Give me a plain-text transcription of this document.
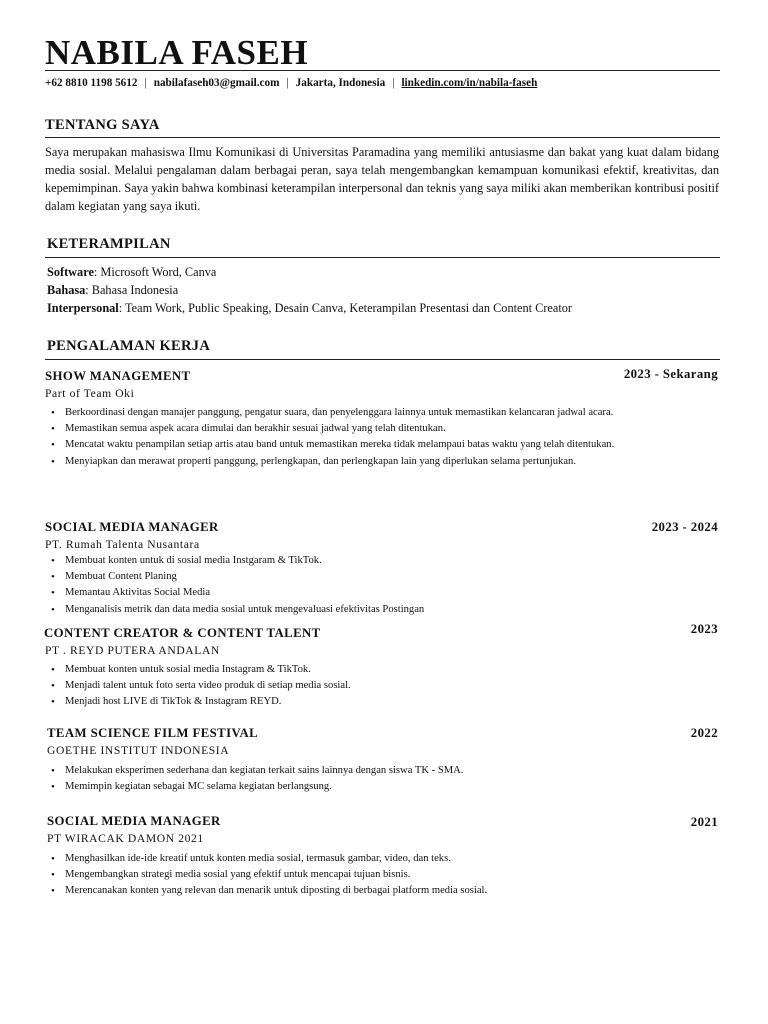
NABILA FASEH
+62 8810 1198 5612 | nabilafaseh03@gmail.com | Jakarta, Indonesia | linkedin.com/in/nabila-faseh
TENTANG SAYA
Saya merupakan mahasiswa Ilmu Komunikasi di Universitas Paramadina yang memiliki antusiasme dan bakat yang kuat dalam bidang media sosial. Melalui pengalaman dalam berbagai peran, saya telah mengembangkan kemampuan komunikasi efektif, kreativitas, dan kepemimpinan. Saya yakin bahwa kombinasi keterampilan interpersonal dan teknis yang saya miliki akan memberikan kontribusi positif dalam kegiatan yang saya ikuti.
KETERAMPILAN
Software: Microsoft Word, Canva
Bahasa: Bahasa Indonesia
Interpersonal: Team Work, Public Speaking, Desain Canva, Keterampilan Presentasi dan Content Creator
PENGALAMAN KERJA
SHOW MANAGEMENT	2023 - Sekarang
Part of Team Oki
• Berkoordinasi dengan manajer panggung, pengatur suara, dan penyelenggara lainnya untuk memastikan kelancaran jadwal acara.
• Memastikan semua aspek acara dimulai dan berakhir sesuai jadwal yang telah ditentukan.
• Mencatat waktu penampilan setiap artis atau band untuk memastikan mereka tidak melampaui batas waktu yang telah ditentukan.
• Menyiapkan dan merawat properti panggung, perlengkapan, dan perlengkapan lain yang diperlukan selama pertunjukan.
SOCIAL MEDIA MANAGER	2023 - 2024
PT. Rumah Talenta Nusantara
• Membuat konten untuk di sosial media Instgaram & TikTok.
• Membuat Content Planing
• Memantau Aktivitas Social Media
• Menganalisis metrik dan data media sosial untuk mengevaluasi efektivitas Postingan
CONTENT CREATOR & CONTENT TALENT	2023
PT . REYD PUTERA ANDALAN
• Membuat konten untuk sosial media Instagram & TikTok.
• Menjadi talent untuk foto serta video produk di setiap media sosial.
• Menjadi host LIVE di TikTok & Instagram REYD.
TEAM SCIENCE FILM FESTIVAL	2022
GOETHE INSTITUT INDONESIA
• Melakukan eksperimen sederhana dan kegiatan terkait sains lainnya dengan siswa TK - SMA.
• Memimpin kegiatan sebagai MC selama kegiatan berlangsung.
SOCIAL MEDIA MANAGER	2021
PT WIRACAK DAMON 2021
• Menghasilkan ide-ide kreatif untuk konten media sosial, termasuk gambar, video, dan teks.
• Mengembangkan strategi media sosial yang efektif untuk mencapai tujuan bisnis.
• Merencanakan konten yang relevan dan menarik untuk diposting di berbagai platform media sosial.
